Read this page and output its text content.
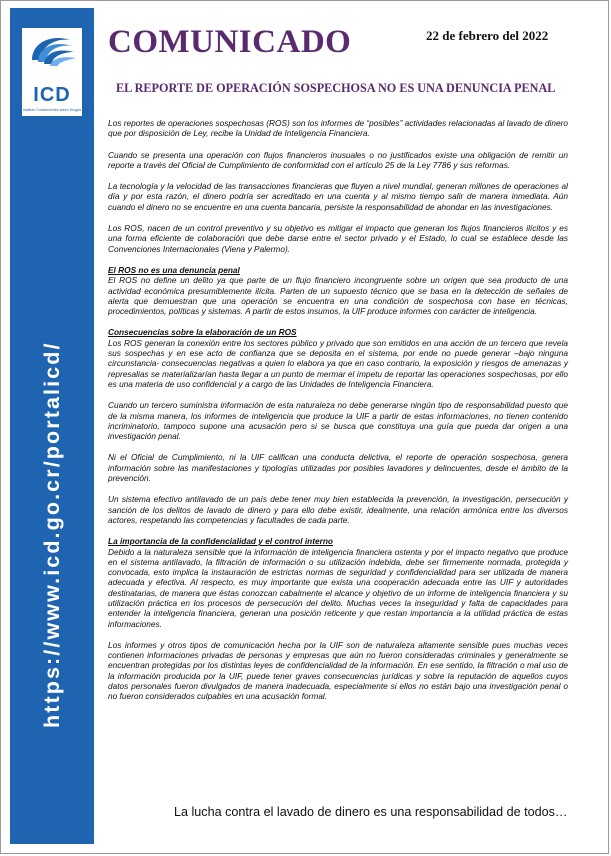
ICD
Instituto Costarricense sobre Drogas
https://www.icd.go.cr/portalicd/
COMUNICADO	22 de febrero del 2022
EL REPORTE DE OPERACIÓN SOSPECHOSA NO ES UNA DENUNCIA PENAL

Los reportes de operaciones sospechosas (ROS) son los informes de “posibles” actividades relacionadas al lavado de dinero que por disposición de Ley, recibe la Unidad de Inteligencia Financiera.

Cuando se presenta una operación con flujos financieros inusuales o no justificados existe una obligación de remitir un reporte a través del Oficial de Cumplimiento de conformidad con el artículo 25 de la Ley 7786 y sus reformas.

La tecnología y la velocidad de las transacciones financieras que fluyen a nivel mundial, generan millones de operaciones al día y por esta razón, el dinero podría ser acreditado en una cuenta y al mismo tiempo salir de manera inmediata. Aún cuando el dinero no se encuentre en una cuenta bancaria, persiste la responsabilidad de ahondar en las investigaciones.

Los ROS, nacen de un control preventivo y su objetivo es mitigar el impacto que generan los flujos financieros ilícitos y es una forma eficiente de colaboración que debe darse entre el sector privado y el Estado, lo cual se establece desde las Convenciones Internacionales (Viena y Palermo).

El ROS no es una denuncia penal

El ROS no define un delito ya que parte de un flujo financiero incongruente sobre un origen que sea producto de una actividad económica presumiblemente ilícita. Parten de un supuesto técnico que se basa en la detección de señales de alerta que demuestran que una operación se encuentra en una condición de sospechosa con base en técnicas, procedimientos, políticas y sistemas. A partir de estos insumos, la UIF produce informes con carácter de inteligencia.

Consecuencias sobre la elaboración de un ROS

Los ROS generan la conexión entre los sectores público y privado que son emitidos en una acción de un tercero que revela sus sospechas y en ese acto de confianza que se deposita en el sistema, por ende no puede generar –bajo ninguna circunstancia- consecuencias negativas a quien lo elabora ya que en caso contrario, la exposición y riesgos de amenazas y represalias se materializarían hasta llegar a un punto de mermar el ímpetu de reportar las operaciones sospechosas, por ello es una materia de uso confidencial y a cargo de las Unidades de Inteligencia Financiera.

Cuando un tercero suministra información de esta naturaleza no debe generarse ningún tipo de responsabilidad puesto que de la misma manera, los informes de inteligencia que produce la UIF a partir de estas informaciones, no tienen contenido incriminatorio, tampoco supone una acusación pero si se busca que constituya una guía que pueda dar origen a una investigación penal.

Ni el Oficial de Cumplimiento, ni la UIF califican una conducta delictiva, el reporte de operación sospechosa, genera información sobre las manifestaciones y tipologías utilizadas por posibles lavadores y delincuentes, desde el ámbito de la prevención.

Un sistema efectivo antilavado de un país debe tener muy bien establecida la prevención, la investigación, persecución y sanción de los delitos de lavado de dinero y para ello debe existir, idealmente, una relación armónica entre los diversos actores, respetando las competencias y facultades de cada parte.

La importancia de la confidencialidad y el control interno

Debido a la naturaleza sensible que la información de inteligencia financiera ostenta y por el impacto negativo que produce en el sistema antilavado, la filtración de información o su utilización indebida, debe ser firmemente normada, protegida y convocada, esto implica la instauración de estrictas normas de seguridad y confidencialidad para ser utilizada de manera adecuada y efectiva. Al respecto, es muy importante que exista una cooperación adecuada entre las UIF y autoridades destinatarias, de manera que éstas conozcan cabalmente el alcance y objetivo de un informe de inteligencia financiera y su utilización práctica en los procesos de persecución del delito. Muchas veces la inseguridad y falta de capacidades para entender la inteligencia financiera, generan una posición reticente y que restan importancia a la utilidad práctica de estas informaciones.

Los informes y otros tipos de comunicación hecha por la UIF son de naturaleza altamente sensible pues muchas veces contienen informaciones privadas de personas y empresas que aún no fueron consideradas criminales y generalmente se encuentran protegidas por los distintas leyes de confidencialidad de la información. En ese sentido, la filtración o mal uso de la información producida por la UIF, puede tener graves consecuencias jurídicas y sobre la reputación de aquellos cuyos datos personales fueron divulgados de manera inadecuada, especialmente si ellos no están bajo una investigación penal o no fueron considerados culpables en una acusación formal.

La lucha contra el lavado de dinero es una responsabilidad de todos…
